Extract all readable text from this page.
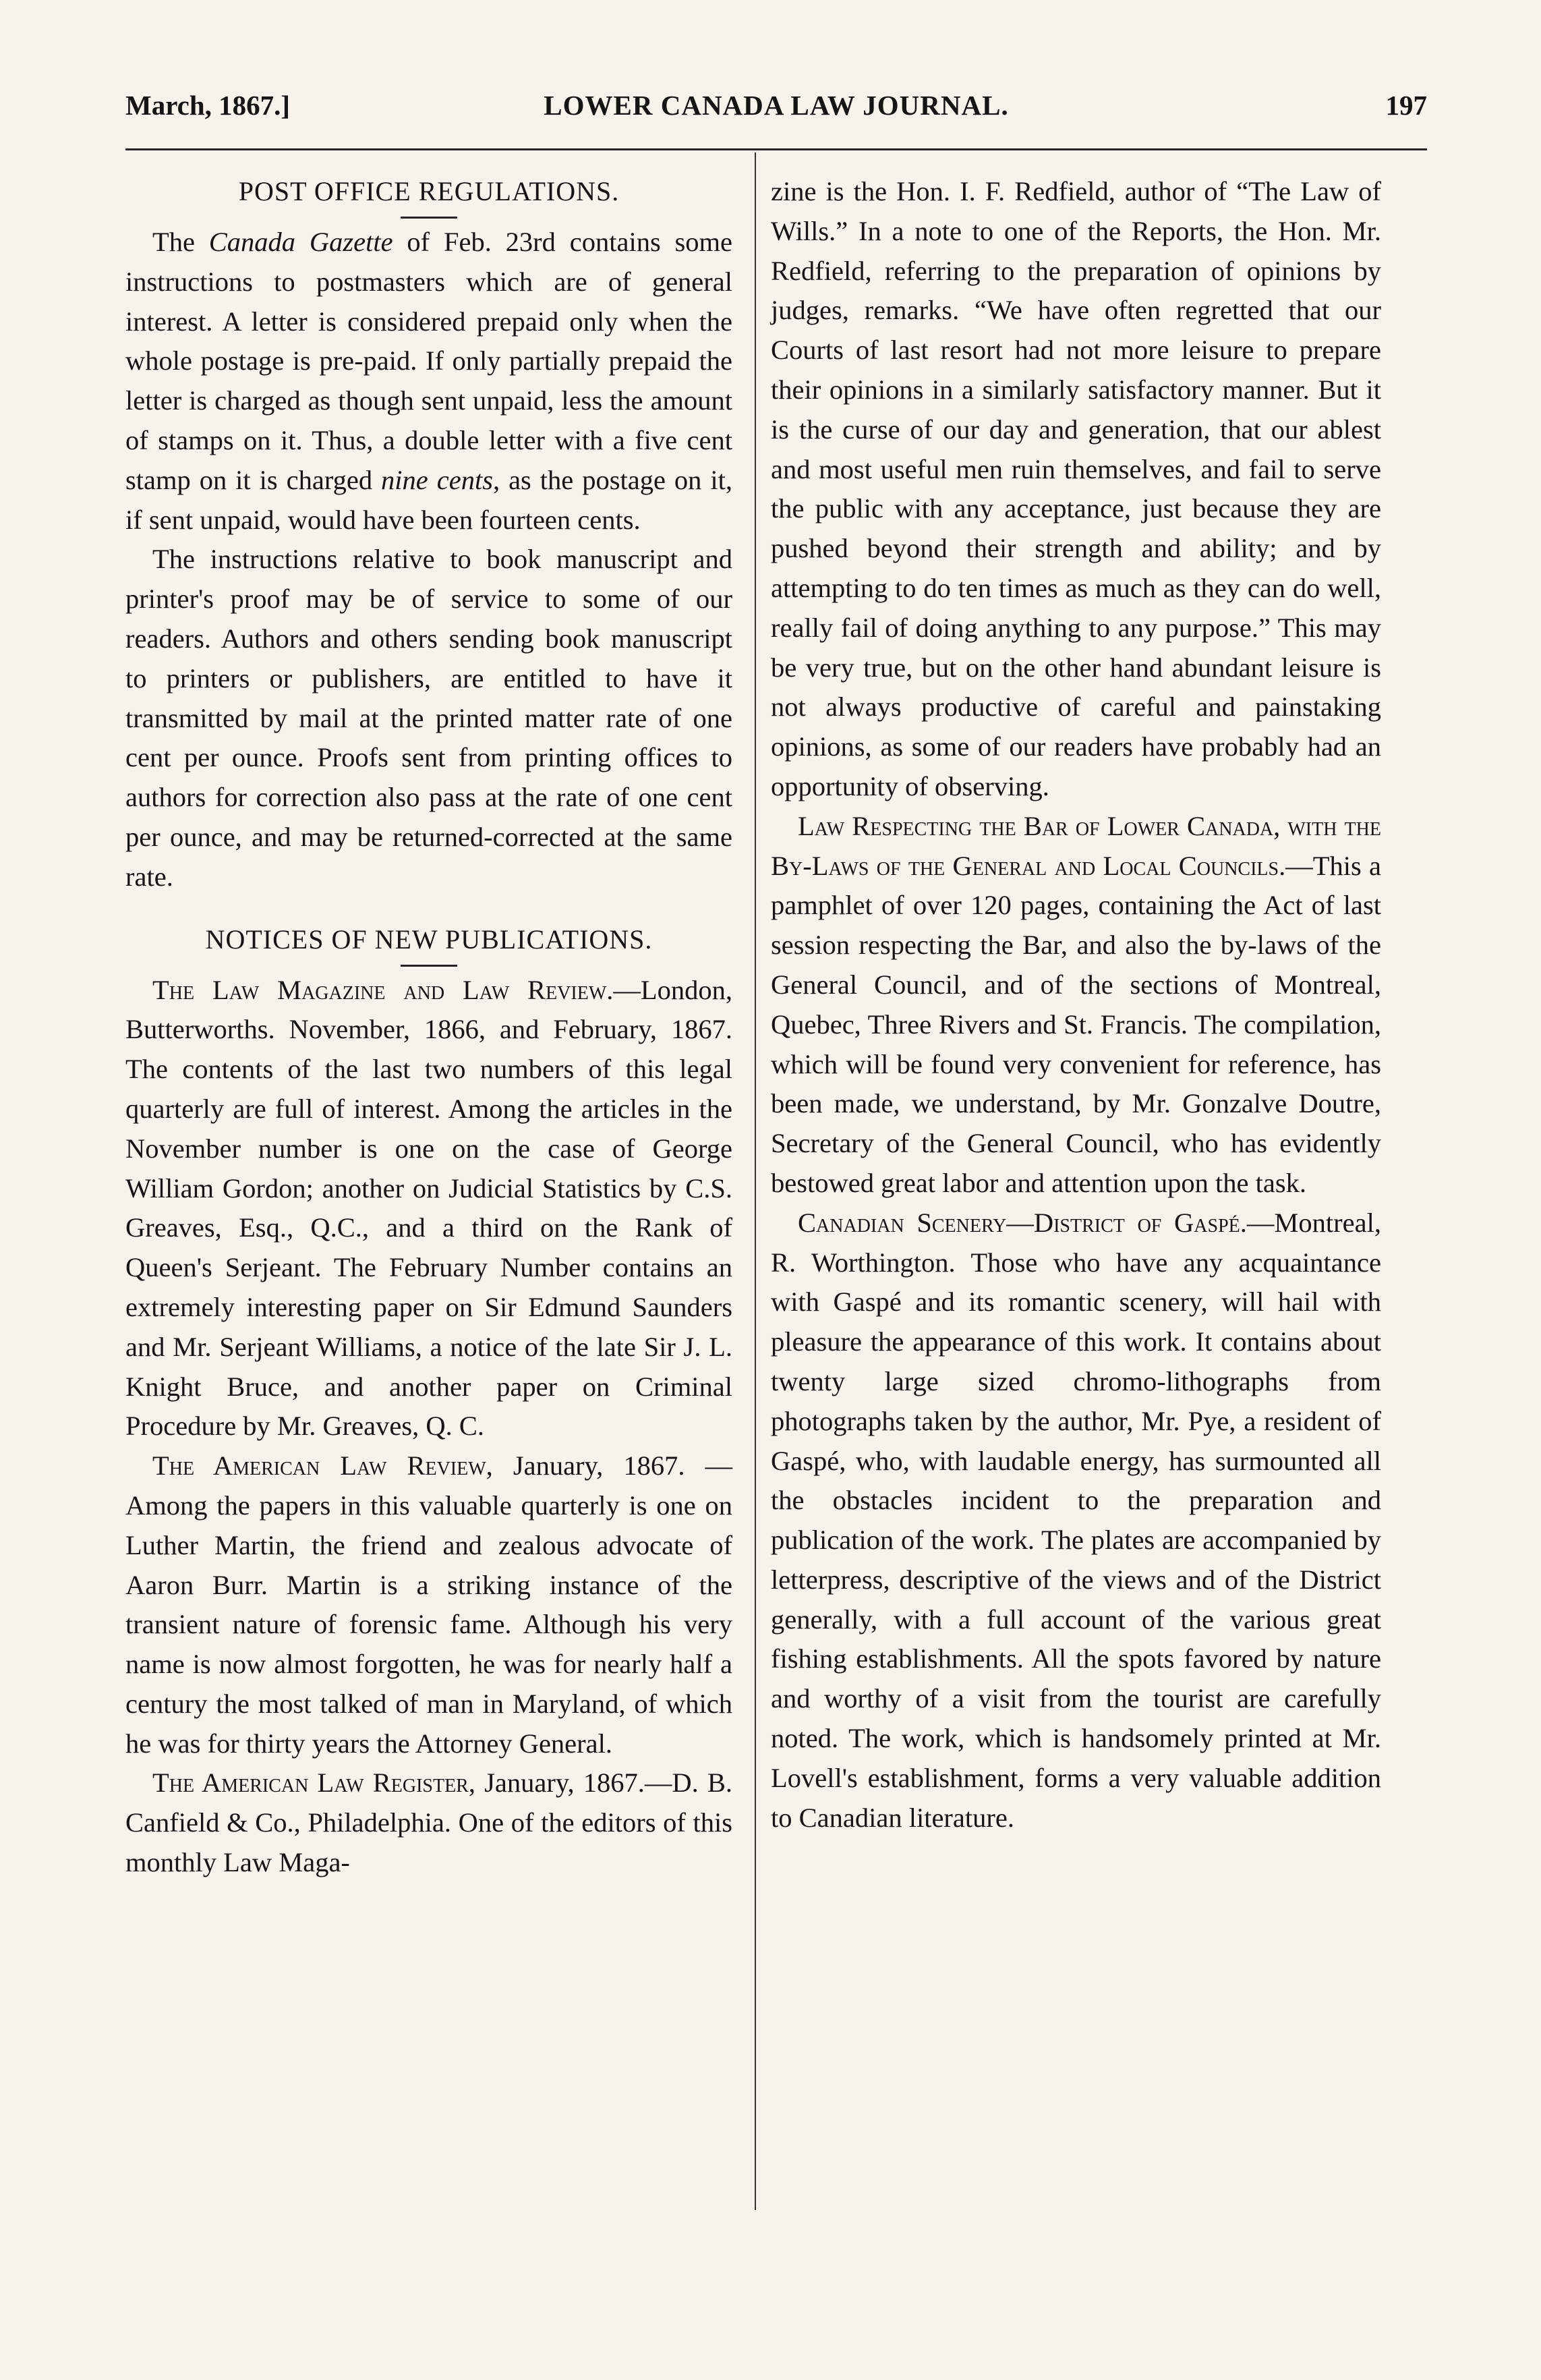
March, 1867.]	LOWER CANADA LAW JOURNAL.	197
POST OFFICE REGULATIONS.

The Canada Gazette of Feb. 23rd contains some instructions to postmasters which are of general interest. A letter is considered prepaid only when the whole postage is pre-paid. If only partially prepaid the letter is charged as though sent unpaid, less the amount of stamps on it. Thus, a double letter with a five cent stamp on it is charged nine cents, as the postage on it, if sent unpaid, would have been fourteen cents.

The instructions relative to book manuscript and printer's proof may be of service to some of our readers. Authors and others sending book manuscript to printers or publishers, are entitled to have it transmitted by mail at the printed matter rate of one cent per ounce. Proofs sent from printing offices to authors for correction also pass at the rate of one cent per ounce, and may be returned-corrected at the same rate.

NOTICES OF NEW PUBLICATIONS.

The Law Magazine and Law Review.—London, Butterworths. November, 1866, and February, 1867. The contents of the last two numbers of this legal quarterly are full of interest. Among the articles in the November number is one on the case of George William Gordon; another on Judicial Statistics by C.S. Greaves, Esq., Q.C., and a third on the Rank of Queen's Serjeant. The February Number contains an extremely interesting paper on Sir Edmund Saunders and Mr. Serjeant Williams, a notice of the late Sir J. L. Knight Bruce, and another paper on Criminal Procedure by Mr. Greaves, Q. C.

The American Law Review, January, 1867. —Among the papers in this valuable quarterly is one on Luther Martin, the friend and zealous advocate of Aaron Burr. Martin is a striking instance of the transient nature of forensic fame. Although his very name is now almost forgotten, he was for nearly half a century the most talked of man in Maryland, of which he was for thirty years the Attorney General.

The American Law Register, January, 1867.—D. B. Canfield & Co., Philadelphia. One of the editors of this monthly Law Maga-

zine is the Hon. I. F. Redfield, author of “The Law of Wills.” In a note to one of the Reports, the Hon. Mr. Redfield, referring to the preparation of opinions by judges, remarks. “We have often regretted that our Courts of last resort had not more leisure to prepare their opinions in a similarly satisfactory manner. But it is the curse of our day and generation, that our ablest and most useful men ruin themselves, and fail to serve the public with any acceptance, just because they are pushed beyond their strength and ability; and by attempting to do ten times as much as they can do well, really fail of doing anything to any purpose.” This may be very true, but on the other hand abundant leisure is not always productive of careful and painstaking opinions, as some of our readers have probably had an opportunity of observing.

Law Respecting the Bar of Lower Canada, with the By-Laws of the General and Local Councils.—This a pamphlet of over 120 pages, containing the Act of last session respecting the Bar, and also the by-laws of the General Council, and of the sections of Montreal, Quebec, Three Rivers and St. Francis. The compilation, which will be found very convenient for reference, has been made, we understand, by Mr. Gonzalve Doutre, Secretary of the General Council, who has evidently bestowed great labor and attention upon the task.

Canadian Scenery—District of Gaspé.—Montreal, R. Worthington. Those who have any acquaintance with Gaspé and its romantic scenery, will hail with pleasure the appearance of this work. It contains about twenty large sized chromo-lithographs from photographs taken by the author, Mr. Pye, a resident of Gaspé, who, with laudable energy, has surmounted all the obstacles incident to the preparation and publication of the work. The plates are accompanied by letterpress, descriptive of the views and of the District generally, with a full account of the various great fishing establishments. All the spots favored by nature and worthy of a visit from the tourist are carefully noted. The work, which is handsomely printed at Mr. Lovell's establishment, forms a very valuable addition to Canadian literature.
